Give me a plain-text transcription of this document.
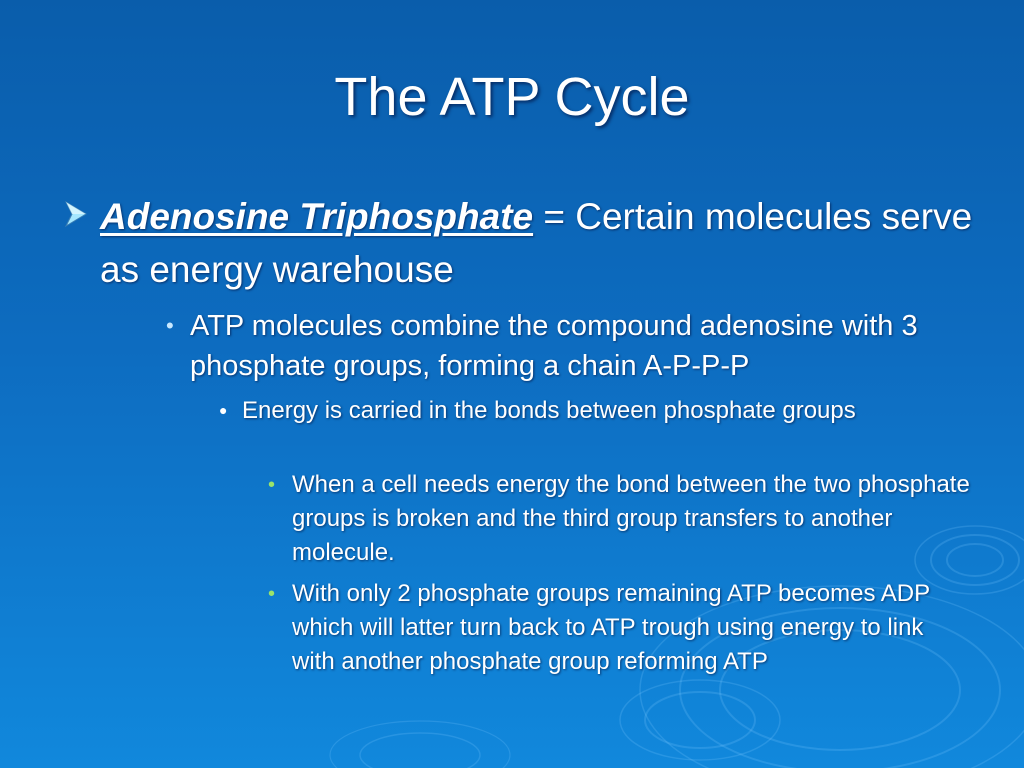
The ATP Cycle
Adenosine Triphosphate = Certain molecules serve as energy warehouse
• ATP molecules combine the compound adenosine with 3 phosphate groups, forming a chain A-P-P-P
● Energy is carried in the bonds between phosphate groups
• When a cell needs energy the bond between the two phosphate groups is broken and the third group transfers to another molecule.
• With only 2 phosphate groups remaining ATP becomes ADP which will latter turn back to ATP trough using energy to link with another phosphate group reforming ATP
